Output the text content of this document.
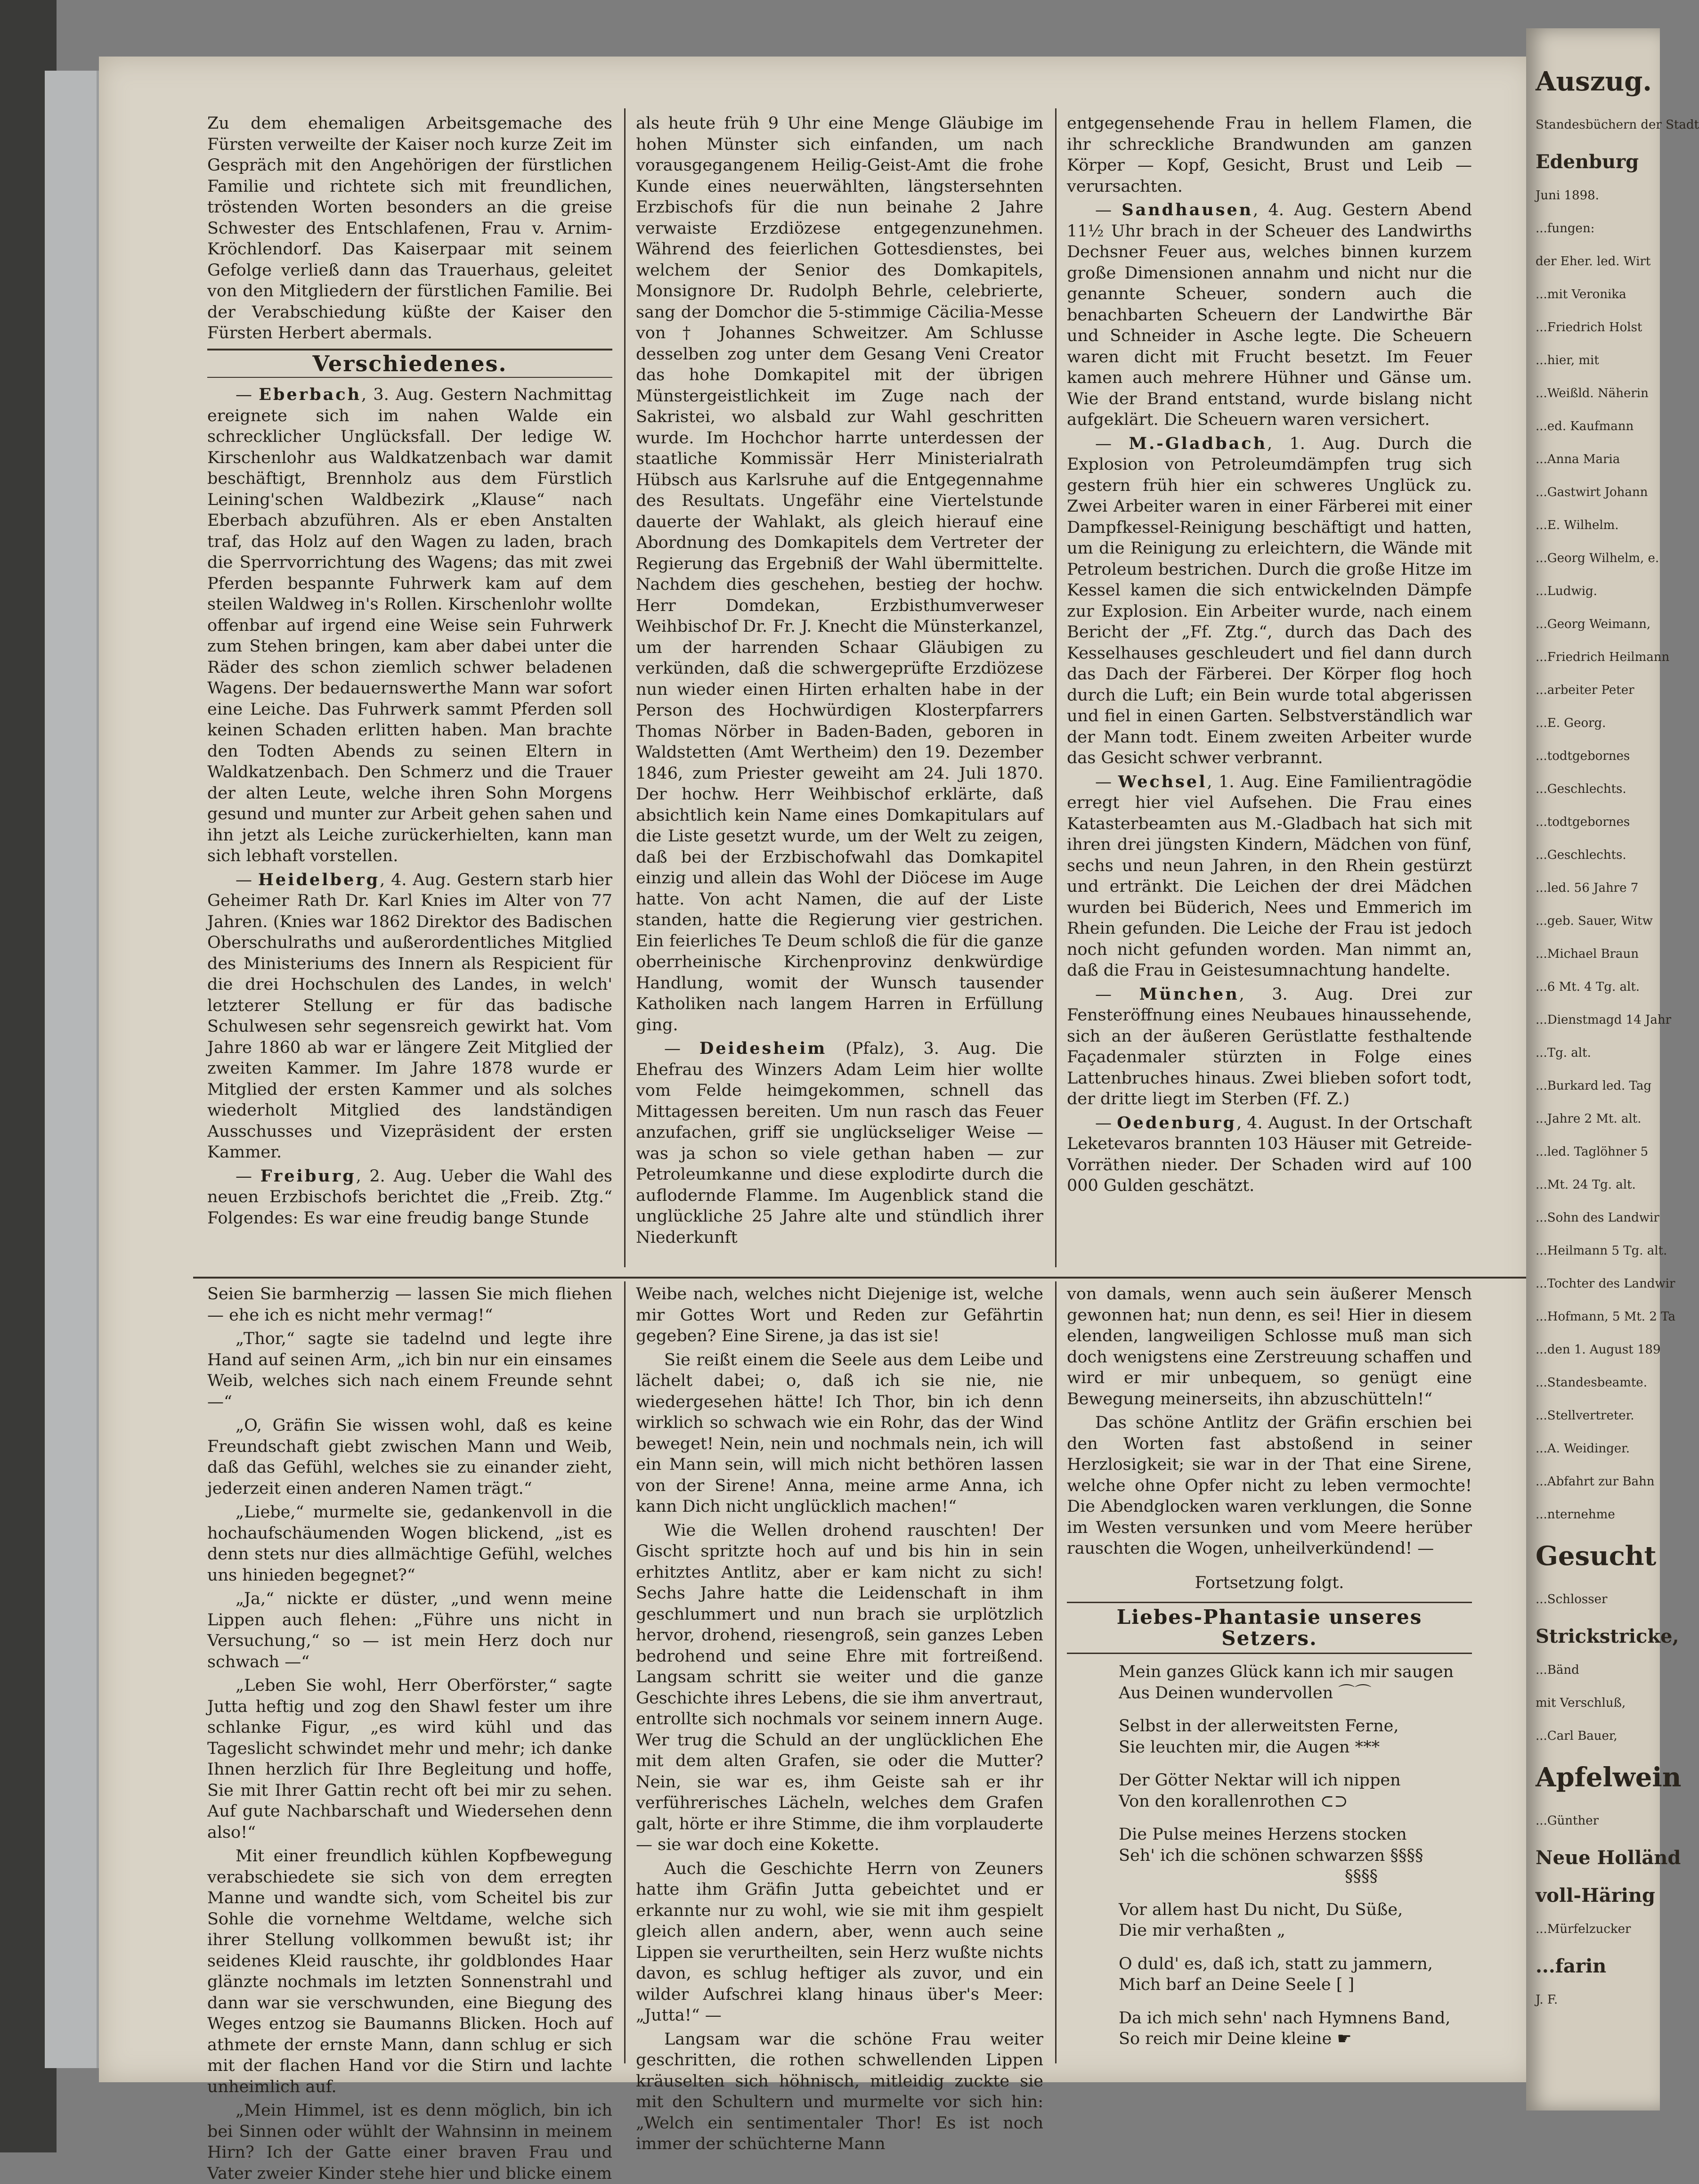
Zu dem ehemaligen Arbeitsgemache des Fürsten verweilte der Kaiser noch kurze Zeit im Gespräch mit den Angehörigen der fürstlichen Familie und richtete sich mit freundlichen, tröstenden Worten besonders an die greise Schwester des Entschlafenen, Frau v. Arnim-Kröchlendorf. Das Kaiserpaar mit seinem Gefolge verließ dann das Trauerhaus, geleitet von den Mitgliedern der fürstlichen Familie. Bei der Verabschiedung küßte der Kaiser den Fürsten Herbert abermals.

Verschiedenes.

— Eberbach, 3. Aug. Gestern Nachmittag ereignete sich im nahen Walde ein schrecklicher Unglücksfall. Der ledige W. Kirschenlohr aus Waldkatzenbach war damit beschäftigt, Brennholz aus dem Fürstlich Leining'schen Waldbezirk „Klause“ nach Eberbach abzuführen. Als er eben Anstalten traf, das Holz auf den Wagen zu laden, brach die Sperrvorrichtung des Wagens; das mit zwei Pferden bespannte Fuhrwerk kam auf dem steilen Waldweg in's Rollen. Kirschenlohr wollte offenbar auf irgend eine Weise sein Fuhrwerk zum Stehen bringen, kam aber dabei unter die Räder des schon ziemlich schwer beladenen Wagens. Der bedauernswerthe Mann war sofort eine Leiche. Das Fuhrwerk sammt Pferden soll keinen Schaden erlitten haben. Man brachte den Todten Abends zu seinen Eltern in Waldkatzenbach. Den Schmerz und die Trauer der alten Leute, welche ihren Sohn Morgens gesund und munter zur Arbeit gehen sahen und ihn jetzt als Leiche zurückerhielten, kann man sich lebhaft vorstellen.

— Heidelberg, 4. Aug. Gestern starb hier Geheimer Rath Dr. Karl Knies im Alter von 77 Jahren. (Knies war 1862 Direktor des Badischen Oberschulraths und außerordentliches Mitglied des Ministeriums des Innern als Respicient für die drei Hochschulen des Landes, in welch' letzterer Stellung er für das badische Schulwesen sehr segensreich gewirkt hat. Vom Jahre 1860 ab war er längere Zeit Mitglied der zweiten Kammer. Im Jahre 1878 wurde er Mitglied der ersten Kammer und als solches wiederholt Mitglied des landständigen Ausschusses und Vizepräsident der ersten Kammer.

— Freiburg, 2. Aug. Ueber die Wahl des neuen Erzbischofs berichtet die „Freib. Ztg.“ Folgendes: Es war eine freudig bange Stunde

als heute früh 9 Uhr eine Menge Gläubige im hohen Münster sich einfanden, um nach vorausgegangenem Heilig-Geist-Amt die frohe Kunde eines neuerwählten, längstersehnten Erzbischofs für die nun beinahe 2 Jahre verwaiste Erzdiözese entgegenzunehmen. Während des feierlichen Gottesdienstes, bei welchem der Senior des Domkapitels, Monsignore Dr. Rudolph Behrle, celebrierte, sang der Domchor die 5-stimmige Cäcilia-Messe von † Johannes Schweitzer. Am Schlusse desselben zog unter dem Gesang Veni Creator das hohe Domkapitel mit der übrigen Münstergeistlichkeit im Zuge nach der Sakristei, wo alsbald zur Wahl geschritten wurde. Im Hochchor harrte unterdessen der staatliche Kommissär Herr Ministerialrath Hübsch aus Karlsruhe auf die Entgegennahme des Resultats. Ungefähr eine Viertelstunde dauerte der Wahlakt, als gleich hierauf eine Abordnung des Domkapitels dem Vertreter der Regierung das Ergebniß der Wahl übermittelte. Nachdem dies geschehen, bestieg der hochw. Herr Domdekan, Erzbisthumverweser Weihbischof Dr. Fr. J. Knecht die Münsterkanzel, um der harrenden Schaar Gläubigen zu verkünden, daß die schwergeprüfte Erzdiözese nun wieder einen Hirten erhalten habe in der Person des Hochwürdigen Klosterpfarrers Thomas Nörber in Baden-Baden, geboren in Waldstetten (Amt Wertheim) den 19. Dezember 1846, zum Priester geweiht am 24. Juli 1870. Der hochw. Herr Weihbischof erklärte, daß absichtlich kein Name eines Domkapitulars auf die Liste gesetzt wurde, um der Welt zu zeigen, daß bei der Erzbischofwahl das Domkapitel einzig und allein das Wohl der Diöcese im Auge hatte. Von acht Namen, die auf der Liste standen, hatte die Regierung vier gestrichen. Ein feierliches Te Deum schloß die für die ganze oberrheinische Kirchenprovinz denkwürdige Handlung, womit der Wunsch tausender Katholiken nach langem Harren in Erfüllung ging.

— Deidesheim (Pfalz), 3. Aug. Die Ehefrau des Winzers Adam Leim hier wollte vom Felde heimgekommen, schnell das Mittagessen bereiten. Um nun rasch das Feuer anzufachen, griff sie unglückseliger Weise — was ja schon so viele gethan haben — zur Petroleumkanne und diese explodirte durch die auflodernde Flamme. Im Augenblick stand die unglückliche 25 Jahre alte und stündlich ihrer Niederkunft

entgegensehende Frau in hellem Flamen, die ihr schreckliche Brandwunden am ganzen Körper — Kopf, Gesicht, Brust und Leib — verursachten.

— Sandhausen, 4. Aug. Gestern Abend 11½ Uhr brach in der Scheuer des Landwirths Dechsner Feuer aus, welches binnen kurzem große Dimensionen annahm und nicht nur die genannte Scheuer, sondern auch die benachbarten Scheuern der Landwirthe Bär und Schneider in Asche legte. Die Scheuern waren dicht mit Frucht besetzt. Im Feuer kamen auch mehrere Hühner und Gänse um. Wie der Brand entstand, wurde bislang nicht aufgeklärt. Die Scheuern waren versichert.

— M.-Gladbach, 1. Aug. Durch die Explosion von Petroleumdämpfen trug sich gestern früh hier ein schweres Unglück zu. Zwei Arbeiter waren in einer Färberei mit einer Dampfkessel-Reinigung beschäftigt und hatten, um die Reinigung zu erleichtern, die Wände mit Petroleum bestrichen. Durch die große Hitze im Kessel kamen die sich entwickelnden Dämpfe zur Explosion. Ein Arbeiter wurde, nach einem Bericht der „Ff. Ztg.“, durch das Dach des Kesselhauses geschleudert und fiel dann durch das Dach der Färberei. Der Körper flog hoch durch die Luft; ein Bein wurde total abgerissen und fiel in einen Garten. Selbstverständlich war der Mann todt. Einem zweiten Arbeiter wurde das Gesicht schwer verbrannt.

— Wechsel, 1. Aug. Eine Familientragödie erregt hier viel Aufsehen. Die Frau eines Katasterbeamten aus M.-Gladbach hat sich mit ihren drei jüngsten Kindern, Mädchen von fünf, sechs und neun Jahren, in den Rhein gestürzt und ertränkt. Die Leichen der drei Mädchen wurden bei Büderich, Nees und Emmerich im Rhein gefunden. Die Leiche der Frau ist jedoch noch nicht gefunden worden. Man nimmt an, daß die Frau in Geistesumnachtung handelte.

— München, 3. Aug. Drei zur Fensteröffnung eines Neubaues hinaussehende, sich an der äußeren Gerüstlatte festhaltende Façadenmaler stürzten in Folge eines Lattenbruches hinaus. Zwei blieben sofort todt, der dritte liegt im Sterben (Ff. Z.)

— Oedenburg, 4. August. In der Ortschaft Leketevaros brannten 103 Häuser mit Getreide-Vorräthen nieder. Der Schaden wird auf 100 000 Gulden geschätzt.

Seien Sie barmherzig — lassen Sie mich fliehen — ehe ich es nicht mehr vermag!“

„Thor,“ sagte sie tadelnd und legte ihre Hand auf seinen Arm, „ich bin nur ein einsames Weib, welches sich nach einem Freunde sehnt —“

„O, Gräfin Sie wissen wohl, daß es keine Freundschaft giebt zwischen Mann und Weib, daß das Gefühl, welches sie zu einander zieht, jederzeit einen anderen Namen trägt.“

„Liebe,“ murmelte sie, gedankenvoll in die hochaufschäumenden Wogen blickend, „ist es denn stets nur dies allmächtige Gefühl, welches uns hinieden begegnet?“

„Ja,“ nickte er düster, „und wenn meine Lippen auch flehen: „Führe uns nicht in Versuchung,“ so — ist mein Herz doch nur schwach —“

„Leben Sie wohl, Herr Oberförster,“ sagte Jutta heftig und zog den Shawl fester um ihre schlanke Figur, „es wird kühl und das Tageslicht schwindet mehr und mehr; ich danke Ihnen herzlich für Ihre Begleitung und hoffe, Sie mit Ihrer Gattin recht oft bei mir zu sehen. Auf gute Nachbarschaft und Wiedersehen denn also!“

Mit einer freundlich kühlen Kopfbewegung verabschiedete sie sich von dem erregten Manne und wandte sich, vom Scheitel bis zur Sohle die vornehme Weltdame, welche sich ihrer Stellung vollkommen bewußt ist; ihr seidenes Kleid rauschte, ihr goldblondes Haar glänzte nochmals im letzten Sonnenstrahl und dann war sie verschwunden, eine Biegung des Weges entzog sie Baumanns Blicken. Hoch auf athmete der ernste Mann, dann schlug er sich mit der flachen Hand vor die Stirn und lachte unheimlich auf.

„Mein Himmel, ist es denn möglich, bin ich bei Sinnen oder wühlt der Wahnsinn in meinem Hirn? Ich der Gatte einer braven Frau und Vater zweier Kinder stehe hier und blicke einem

Weibe nach, welches nicht Diejenige ist, welche mir Gottes Wort und Reden zur Gefährtin gegeben? Eine Sirene, ja das ist sie!

Sie reißt einem die Seele aus dem Leibe und lächelt dabei; o, daß ich sie nie, nie wiedergesehen hätte! Ich Thor, bin ich denn wirklich so schwach wie ein Rohr, das der Wind beweget! Nein, nein und nochmals nein, ich will ein Mann sein, will mich nicht bethören lassen von der Sirene! Anna, meine arme Anna, ich kann Dich nicht unglücklich machen!“

Wie die Wellen drohend rauschten! Der Gischt spritzte hoch auf und bis hin in sein erhitztes Antlitz, aber er kam nicht zu sich! Sechs Jahre hatte die Leidenschaft in ihm geschlummert und nun brach sie urplötzlich hervor, drohend, riesengroß, sein ganzes Leben bedrohend und seine Ehre mit fortreißend. Langsam schritt sie weiter und die ganze Geschichte ihres Lebens, die sie ihm anvertraut, entrollte sich nochmals vor seinem innern Auge. Wer trug die Schuld an der unglücklichen Ehe mit dem alten Grafen, sie oder die Mutter? Nein, sie war es, ihm Geiste sah er ihr verführerisches Lächeln, welches dem Grafen galt, hörte er ihre Stimme, die ihm vorplauderte — sie war doch eine Kokette.

Auch die Geschichte Herrn von Zeuners hatte ihm Gräfin Jutta gebeichtet und er erkannte nur zu wohl, wie sie mit ihm gespielt gleich allen andern, aber, wenn auch seine Lippen sie verurtheilten, sein Herz wußte nichts davon, es schlug heftiger als zuvor, und ein wilder Aufschrei klang hinaus über's Meer: „Jutta!“ —

Langsam war die schöne Frau weiter geschritten, die rothen schwellenden Lippen kräuselten sich höhnisch, mitleidig zuckte sie mit den Schultern und murmelte vor sich hin: „Welch ein sentimentaler Thor! Es ist noch immer der schüchterne Mann

von damals, wenn auch sein äußerer Mensch gewonnen hat; nun denn, es sei! Hier in diesem elenden, langweiligen Schlosse muß man sich doch wenigstens eine Zerstreuung schaffen und wird er mir unbequem, so genügt eine Bewegung meinerseits, ihn abzuschütteln!“

Das schöne Antlitz der Gräfin erschien bei den Worten fast abstoßend in seiner Herzlosigkeit; sie war in der That eine Sirene, welche ohne Opfer nicht zu leben vermochte! Die Abendglocken waren verklungen, die Sonne im Westen versunken und vom Meere herüber rauschten die Wogen, unheilverkündend! —

Fortsetzung folgt.

Liebes-Phantasie unseres Setzers.
Mein ganzes Glück kann ich mir saugen
Aus Deinen wundervollen ⌒⌒
Selbst in der allerweitsten Ferne,
Sie leuchten mir, die Augen ***
Der Götter Nektar will ich nippen
Von den korallenrothen ⊂⊃
Die Pulse meines Herzens stocken
Seh' ich die schönen schwarzen §§§§
§§§§
Vor allem hast Du nicht, Du Süße,
Die mir verhaßten „
O duld' es, daß ich, statt zu jammern,
Mich barf an Deine Seele [ ]
Da ich mich sehn' nach Hymnens Band,
So reich mir Deine kleine ☛
Auszug.
Standesbüchern der Stadt
Edenburg
Juni 1898.
...fungen:
der Eher. led. Wirt
...mit Veronika
...Friedrich Holst
...hier, mit
...Weißld. Näherin
...ed. Kaufmann
...Anna Maria
...Gastwirt Johann
...E. Wilhelm.
...Georg Wilhelm, e.
...Ludwig.
...Georg Weimann,
...Friedrich Heilmann
...arbeiter Peter
...E. Georg.
...todtgebornes
...Geschlechts.
...todtgebornes
...Geschlechts.
...led. 56 Jahre 7
...geb. Sauer, Witw
...Michael Braun
...6 Mt. 4 Tg. alt.
...Dienstmagd 14 Jahr
...Tg. alt.
...Burkard led. Tag
...Jahre 2 Mt. alt.
...led. Taglöhner 5
...Mt. 24 Tg. alt.
...Sohn des Landwir
...Heilmann 5 Tg. alt.
...Tochter des Landwir
...Hofmann, 5 Mt. 2 Ta
...den 1. August 189
...Standesbeamte.
...Stellvertreter.
...A. Weidinger.
...Abfahrt zur Bahn
...nternehme
Gesucht
...Schlosser
Strickstricke,
...Bänd
mit Verschluß,
...Carl Bauer,
Apfelwein
...Günther
Neue Holländ
voll-Häring
...Mürfelzucker
...farin
J. F.
